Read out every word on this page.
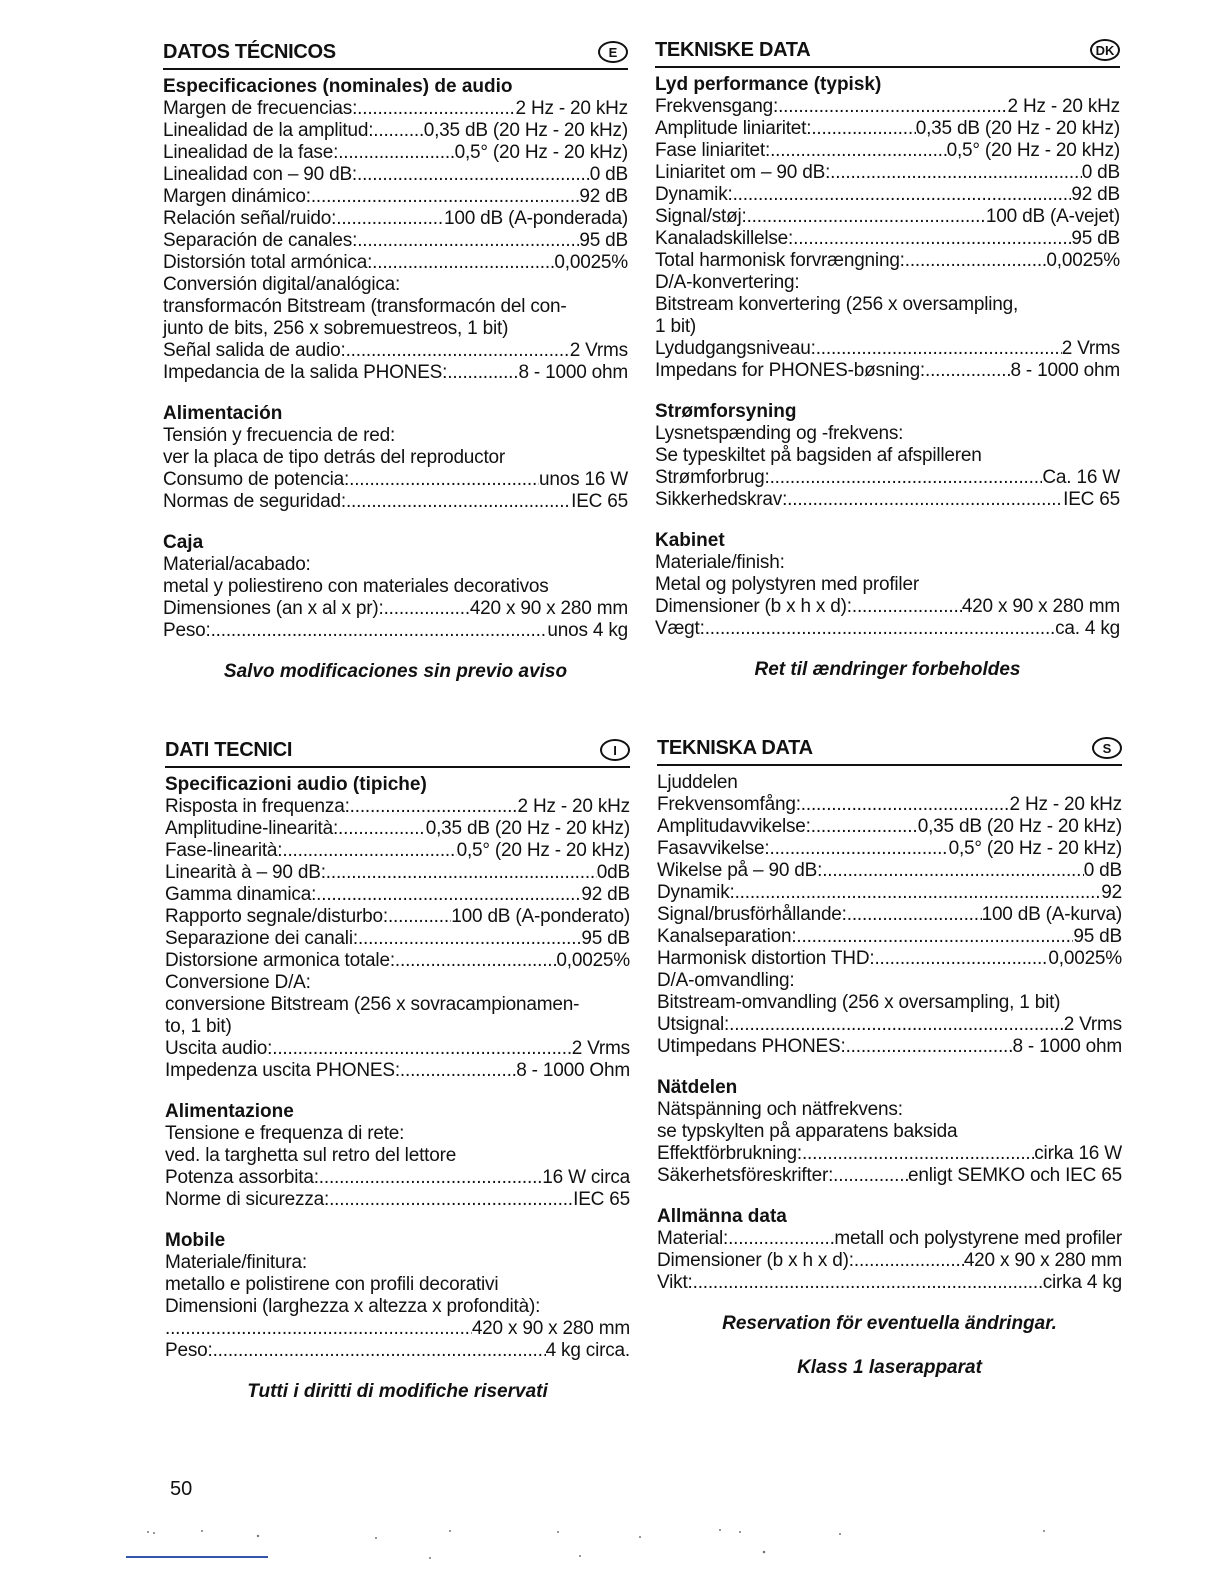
DATOS TÉCNICOS	E
Especificaciones (nominales) de audio
Margen de frecuencias: .....	2 Hz - 20 kHz
Linealidad de la amplitud: .....	0,35 dB (20 Hz - 20 kHz)
Linealidad de la fase: .....	0,5° (20 Hz - 20 kHz)
Linealidad con – 90 dB: .....	0 dB
Margen dinámico: .....	92 dB
Relación señal/ruido: .....	100 dB (A-ponderada)
Separación de canales: .....	95 dB
Distorsión total armónica: .....	0,0025%
Conversión digital/analógica:
transformacón Bitstream (transformacón del con-
junto de bits, 256 x sobremuestreos, 1 bit)
Señal salida de audio: .....	2 Vrms
Impedancia de la salida PHONES: .....	8 - 1000 ohm
Alimentación
Tensión y frecuencia de red:
ver la placa de tipo detrás del reproductor
Consumo de potencia: .....	unos 16 W
Normas de seguridad: .....	IEC 65
Caja
Material/acabado:
metal y poliestireno con materiales decorativos
Dimensiones (an x al x pr): .....	420 x 90 x 280 mm
Peso: .....	unos 4 kg
Salvo modificaciones sin previo aviso
TEKNISKE DATA	DK
Lyd performance (typisk)
Frekvensgang: .....	2 Hz - 20 kHz
Amplitude liniaritet: .....	0,35 dB (20 Hz - 20 kHz)
Fase liniaritet: .....	0,5° (20 Hz - 20 kHz)
Liniaritet om – 90 dB: .....	0 dB
Dynamik: .....	92 dB
Signal/støj: .....	100 dB (A-vejet)
Kanaladskillelse: .....	95 dB
Total harmonisk forvrængning: .....	0,0025%
D/A-konvertering:
Bitstream konvertering (256 x oversampling,
1 bit)
Lydudgangsniveau: .....	2 Vrms
Impedans for PHONES-bøsning: .....	8 - 1000 ohm
Strømforsyning
Lysnetspænding og -frekvens:
Se typeskiltet på bagsiden af afspilleren
Strømforbrug: .....	Ca. 16 W
Sikkerhedskrav: .....	IEC 65
Kabinet
Materiale/finish:
Metal og polystyren med profiler
Dimensioner (b x h x d): .....	420 x 90 x 280 mm
Vægt: .....	ca. 4 kg
Ret til ændringer forbeholdes
DATI TECNICI	I
Specificazioni audio (tipiche)
Risposta in frequenza: .....	2 Hz - 20 kHz
Amplitudine-linearità: .....	0,35 dB (20 Hz - 20 kHz)
Fase-linearità: .....	0,5° (20 Hz - 20 kHz)
Linearità à – 90 dB: .....	0dB
Gamma dinamica: .....	92 dB
Rapporto segnale/disturbo: .....	100 dB (A-ponderato)
Separazione dei canali: .....	95 dB
Distorsione armonica totale: .....	0,0025%
Conversione D/A:
conversione Bitstream (256 x sovracampionamen-
to, 1 bit)
Uscita audio: .....	2 Vrms
Impedenza uscita PHONES: .....	8 - 1000 Ohm
Alimentazione
Tensione e frequenza di rete:
ved. la targhetta sul retro del lettore
Potenza assorbita: .....	16 W circa
Norme di sicurezza: .....	IEC 65
Mobile
Materiale/finitura:
metallo e polistirene con profili decorativi
Dimensioni (larghezza x altezza x profondità):
.....
420 x 90 x 280 mm
Peso: .....	4 kg circa.
Tutti i diritti di modifiche riservati
TEKNISKA DATA	S
Ljuddelen
Frekvensomfång: .....	2 Hz - 20 kHz
Amplitudavvikelse: .....	0,35 dB (20 Hz - 20 kHz)
Fasavvikelse: .....	0,5° (20 Hz - 20 kHz)
Wikelse på – 90 dB: .....	0 dB
Dynamik: .....	92
Signal/brusförhållande: .....	100 dB (A-kurva)
Kanalseparation: .....	95 dB
Harmonisk distortion THD: .....	0,0025%
D/A-omvandling:
Bitstream-omvandling (256 x oversampling, 1 bit)
Utsignal: .....	2 Vrms
Utimpedans PHONES: .....	8 - 1000 ohm
Nätdelen
Nätspänning och nätfrekvens:
se typskylten på apparatens baksida
Effektförbrukning: .....	cirka 16 W
Säkerhetsföreskrifter: .....	enligt SEMKO och IEC 65
Allmänna data
Material: .....	metall och polystyrene med profiler
Dimensioner (b x h x d): .....	420 x 90 x 280 mm
Vikt: .....	cirka 4 kg
Reservation för eventuella ändringar.
Klass 1 laserapparat
50
